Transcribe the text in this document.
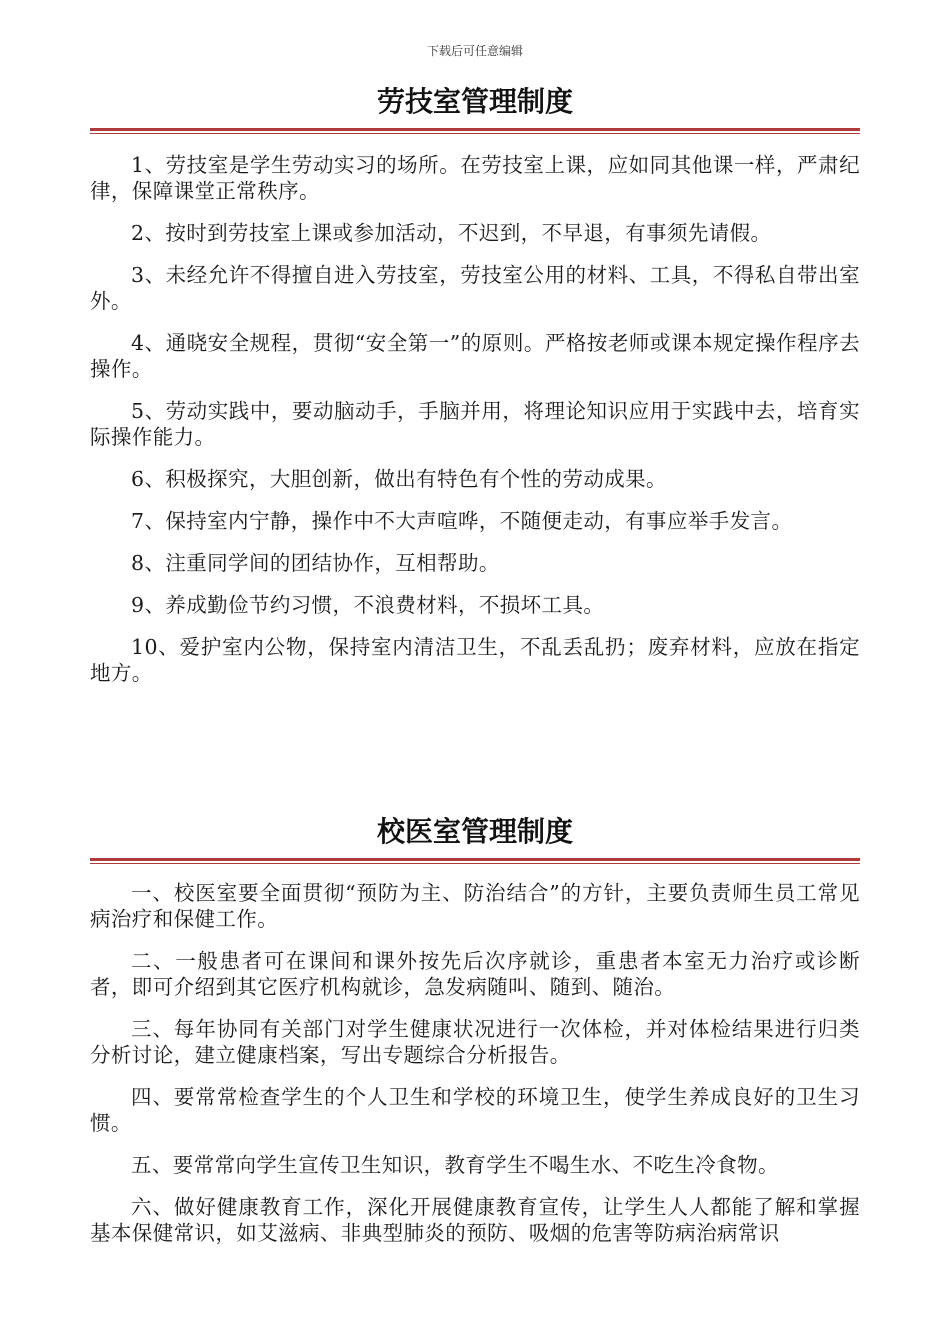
下载后可任意编辑
劳技室管理制度

1、劳技室是学生劳动实习的场所。在劳技室上课，应如同其他课一样，严肃纪律，保障课堂正常秩序。

2、按时到劳技室上课或参加活动，不迟到，不早退，有事须先请假。

3、未经允许不得擅自进入劳技室，劳技室公用的材料、工具，不得私自带出室外。

4、通晓安全规程，贯彻“安全第一”的原则。严格按老师或课本规定操作程序去操作。

5、劳动实践中，要动脑动手，手脑并用，将理论知识应用于实践中去，培育实际操作能力。

6、积极探究，大胆创新，做出有特色有个性的劳动成果。

7、保持室内宁静，操作中不大声喧哗，不随便走动，有事应举手发言。

8、注重同学间的团结协作，互相帮助。

9、养成勤俭节约习惯，不浪费材料，不损坏工具。

10、爱护室内公物，保持室内清洁卫生，不乱丢乱扔；废弃材料，应放在指定地方。

校医室管理制度

一、校医室要全面贯彻“预防为主、防治结合”的方针，主要负责师生员工常见病治疗和保健工作。

二、一般患者可在课间和课外按先后次序就诊，重患者本室无力治疗或诊断者，即可介绍到其它医疗机构就诊，急发病随叫、随到、随治。

三、每年协同有关部门对学生健康状况进行一次体检，并对体检结果进行归类分析讨论，建立健康档案，写出专题综合分析报告。

四、要常常检查学生的个人卫生和学校的环境卫生，使学生养成良好的卫生习惯。

五、要常常向学生宣传卫生知识，教育学生不喝生水、不吃生冷食物。

六、做好健康教育工作，深化开展健康教育宣传，让学生人人都能了解和掌握基本保健常识，如艾滋病、非典型肺炎的预防、吸烟的危害等防病治病常识
